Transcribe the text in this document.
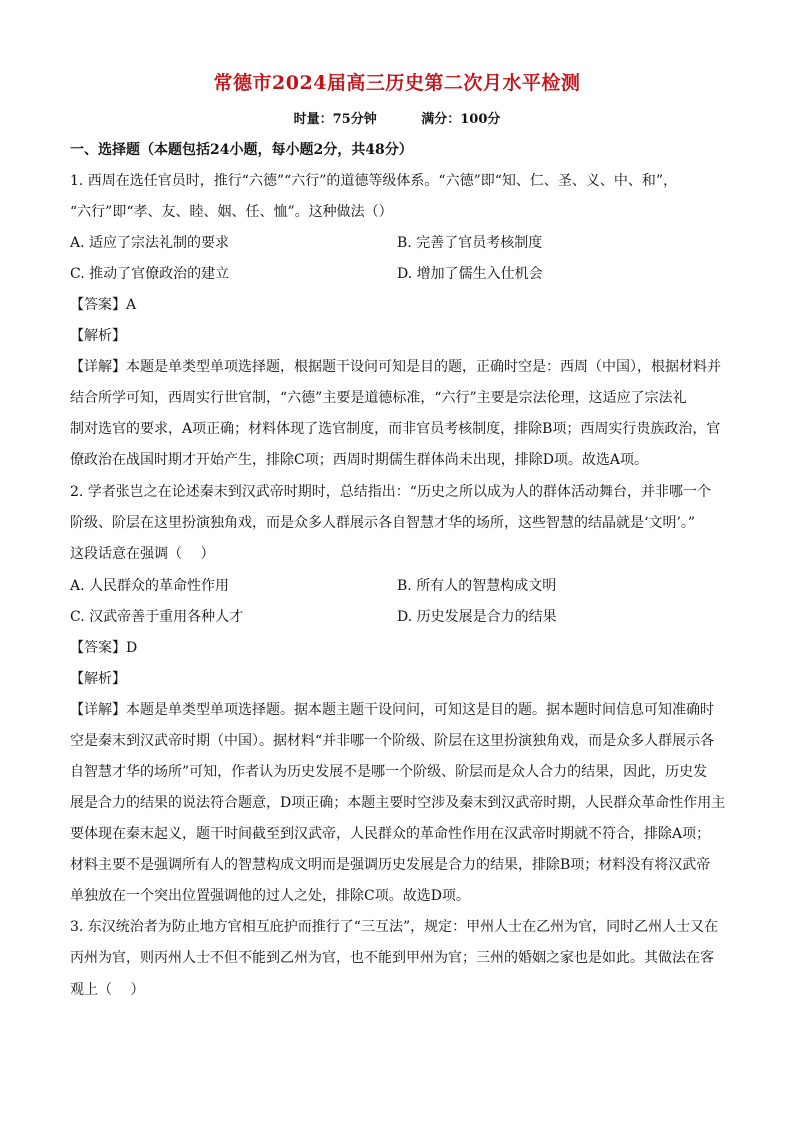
常德市2024届高三历史第二次月水平检测
时量：75分钟	满分：100分
一、选择题（本题包括24小题，每小题2分，共48分）
1. 西周在选任官员时，推行“六德”“六行”的道德等级体系。“六德”即“知、仁、圣、义、中、和”，
“六行”即“孝、友、睦、姻、任、恤”。这种做法（）
A. 适应了宗法礼制的要求	B. 完善了官员考核制度
C. 推动了官僚政治的建立	D. 增加了儒生入仕机会
【答案】A
【解析】
【详解】本题是单类型单项选择题，根据题干设问可知是目的题，正确时空是：西周（中国），根据材料并
结合所学可知，西周实行世官制，“六德”主要是道德标准，“六行”主要是宗法伦理，这适应了宗法礼
制对选官的要求，A项正确；材料体现了选官制度，而非官员考核制度，排除B项；西周实行贵族政治，官
僚政治在战国时期才开始产生，排除C项；西周时期儒生群体尚未出现，排除D项。故选A项。
2. 学者张岂之在论述秦末到汉武帝时期时，总结指出：“历史之所以成为人的群体活动舞台，并非哪一个
阶级、阶层在这里扮演独角戏，而是众多人群展示各自智慧才华的场所，这些智慧的结晶就是‘文明’。”
这段话意在强调（　 ）
A. 人民群众的革命性作用	B. 所有人的智慧构成文明
C. 汉武帝善于重用各种人才	D. 历史发展是合力的结果
【答案】D
【解析】
【详解】本题是单类型单项选择题。据本题主题干设问问，可知这是目的题。据本题时间信息可知准确时
空是秦末到汉武帝时期（中国）。据材料“并非哪一个阶级、阶层在这里扮演独角戏，而是众多人群展示各
自智慧才华的场所”可知，作者认为历史发展不是哪一个阶级、阶层而是众人合力的结果，因此，历史发
展是合力的结果的说法符合题意，D项正确；本题主要时空涉及秦末到汉武帝时期，人民群众革命性作用主
要体现在秦末起义，题干时间截至到汉武帝，人民群众的革命性作用在汉武帝时期就不符合，排除A项；
材料主要不是强调所有人的智慧构成文明而是强调历史发展是合力的结果，排除B项；材料没有将汉武帝
单独放在一个突出位置强调他的过人之处，排除C项。故选D项。
3. 东汉统治者为防止地方官相互庇护而推行了“三互法”，规定：甲州人士在乙州为官，同时乙州人士又在
丙州为官，则丙州人士不但不能到乙州为官，也不能到甲州为官；三州的婚姻之家也是如此。其做法在客
观上（　 ）
